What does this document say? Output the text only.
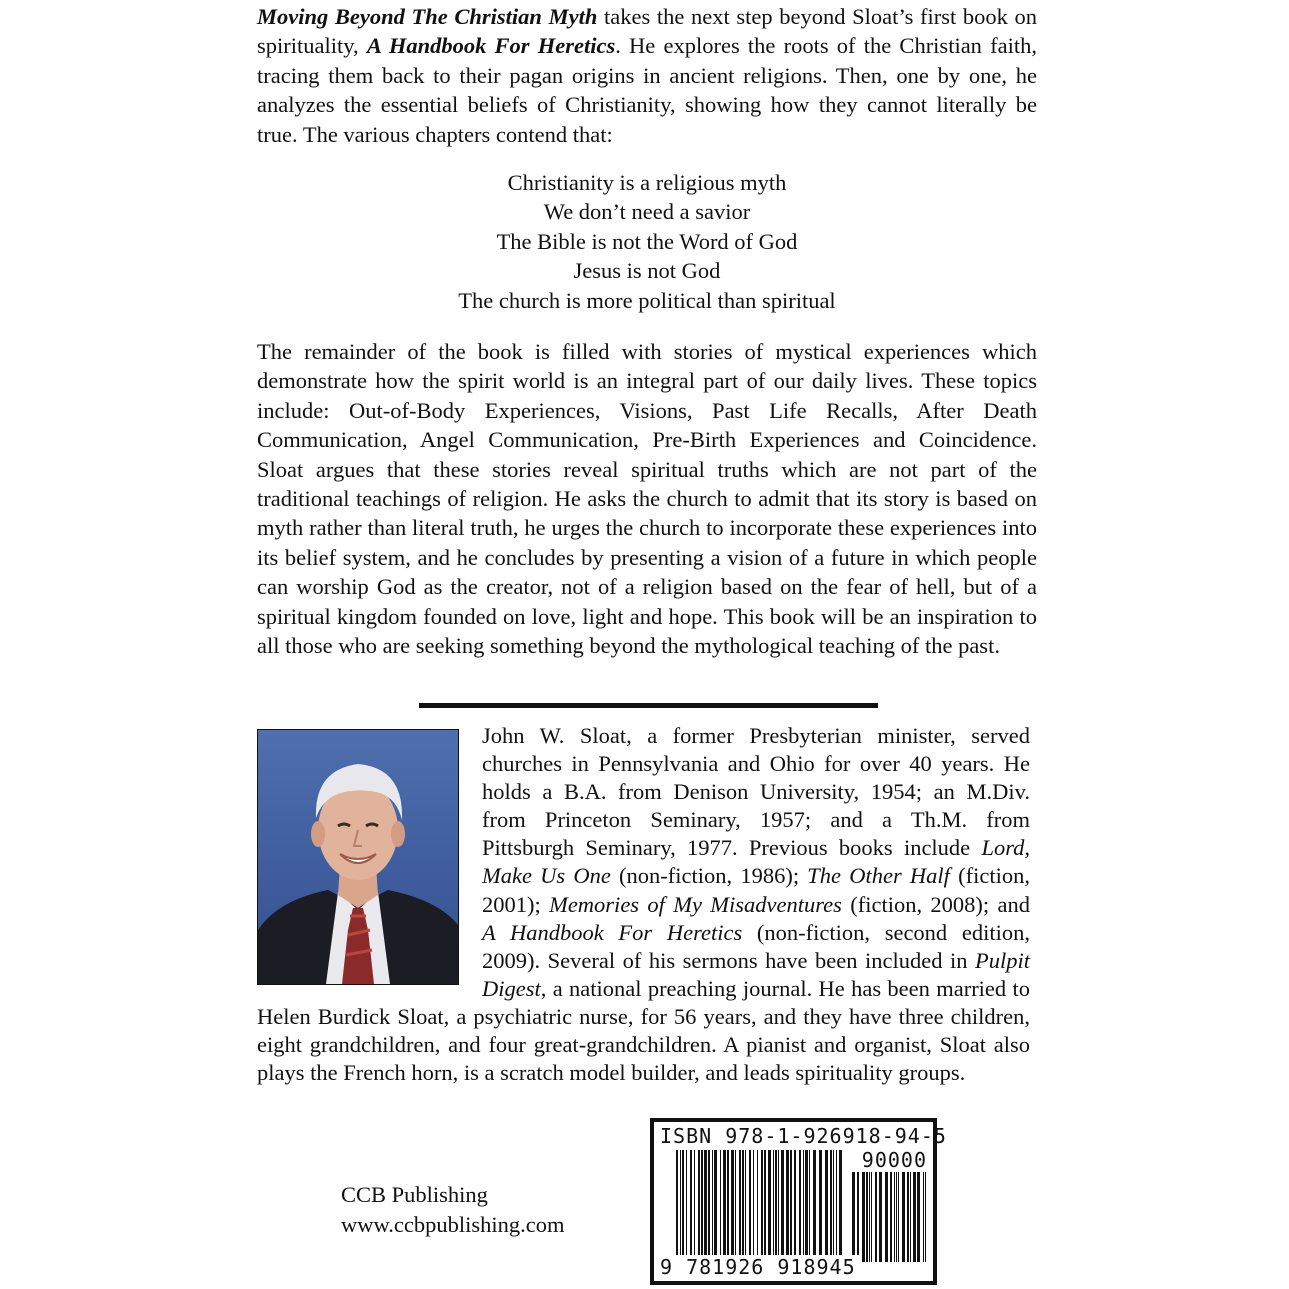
Moving Beyond The Christian Myth takes the next step beyond Sloat’s first book on spirituality, A Handbook For Heretics. He explores the roots of the Christian faith, tracing them back to their pagan origins in ancient religions. Then, one by one, he analyzes the essential beliefs of Christianity, showing how they cannot literally be true. The various chapters contend that:

Christianity is a religious myth
We don’t need a savior
The Bible is not the Word of God
Jesus is not God
The church is more political than spiritual

The remainder of the book is filled with stories of mystical experiences which demonstrate how the spirit world is an integral part of our daily lives. These topics include: Out-of-Body Experiences, Visions, Past Life Recalls, After Death Communication, Angel Communication, Pre-Birth Experiences and Coincidence. Sloat argues that these stories reveal spiritual truths which are not part of the traditional teachings of religion. He asks the church to admit that its story is based on myth rather than literal truth, he urges the church to incorporate these experiences into its belief system, and he concludes by presenting a vision of a future in which people can worship God as the creator, not of a religion based on the fear of hell, but of a spiritual kingdom founded on love, light and hope. This book will be an inspiration to all those who are seeking something beyond the mythological teaching of the past.

John W. Sloat, a former Presbyterian minister, served churches in Pennsylvania and Ohio for over 40 years. He holds a B.A. from Denison University, 1954; an M.Div. from Princeton Seminary, 1957; and a Th.M. from Pittsburgh Seminary, 1977. Previous books include Lord, Make Us One (non-fiction, 1986); The Other Half (fiction, 2001); Memories of My Misadventures (fiction, 2008); and A Handbook For Heretics (non-fiction, second edition, 2009). Several of his sermons have been included in Pulpit Digest, a national preaching journal. He has been married to Helen Burdick Sloat, a psychiatric nurse, for 56 years, and they have three children, eight grandchildren, and four great-grandchildren. A pianist and organist, Sloat also plays the French horn, is a scratch model builder, and leads spirituality groups.
CCB Publishing
www.ccbpublishing.com
ISBN 978-1-926918-94-5
90000
9 781926 918945
